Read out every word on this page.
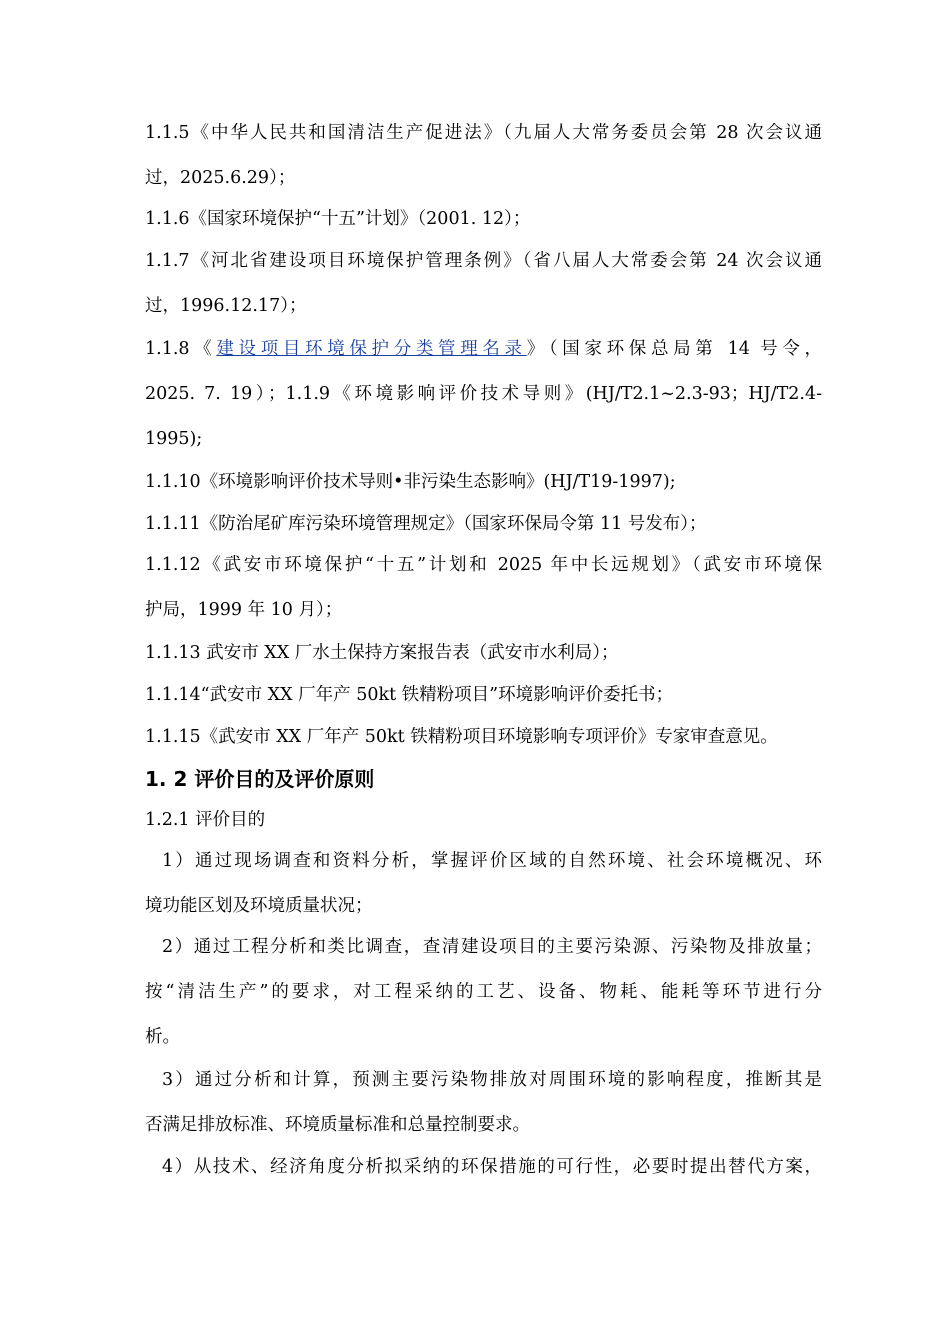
1.1.5《中华人民共和国清洁生产促进法》（九届人大常务委员会第 28 次会议通
过，2025.6.29）；
1.1.6《国家环境保护“十五”计划》（2001. 12）；
1.1.7《河北省建设项目环境保护管理条例》（省八届人大常委会第 24 次会议通
过，1996.12.17）；
1.1.8《建设项目环境保护分类管理名录》（国家环保总局第 14 号令，
2025. 7. 19）；1.1.9《环境影响评价技术导则》(HJ/T2.1~2.3-93；HJ/T2.4-
1995);
1.1.10《环境影响评价技术导则•非污染生态影响》(HJ/T19-1997);
1.1.11《防治尾矿库污染环境管理规定》（国家环保局令第 11 号发布）；
1.1.12《武安市环境保护“十五”计划和 2025 年中长远规划》（武安市环境保
护局，1999 年 10 月）；
1.1.13 武安市 XX 厂水土保持方案报告表（武安市水利局）；
1.1.14“武安市 XX 厂年产 50kt 铁精粉项目”环境影响评价委托书；
1.1.15《武安市 XX 厂年产 50kt 铁精粉项目环境影响专项评价》专家审查意见。
1. 2 评价目的及评价原则
1.2.1 评价目的
1）通过现场调查和资料分析，掌握评价区域的自然环境、社会环境概况、环
境功能区划及环境质量状况；
2）通过工程分析和类比调查，查清建设项目的主要污染源、污染物及排放量；
按“清洁生产”的要求，对工程采纳的工艺、设备、物耗、能耗等环节进行分
析。
3）通过分析和计算，预测主要污染物排放对周围环境的影响程度，推断其是
否满足排放标准、环境质量标准和总量控制要求。
4）从技术、经济角度分析拟采纳的环保措施的可行性，必要时提出替代方案，
